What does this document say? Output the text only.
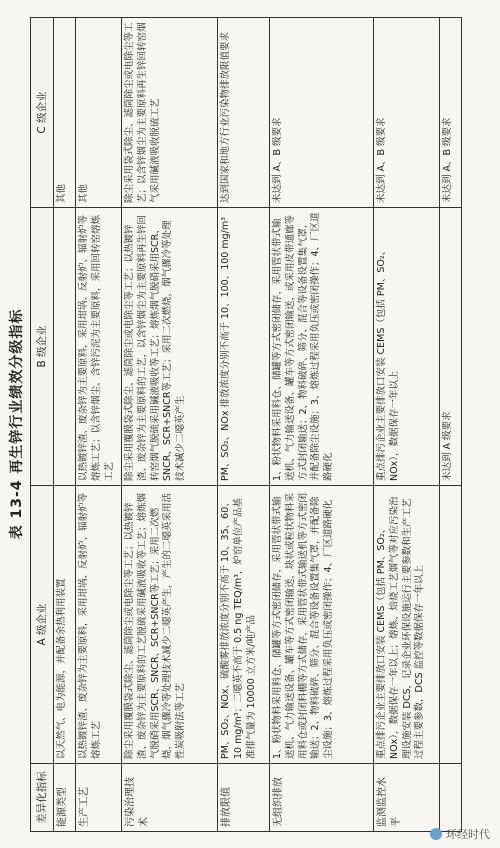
表 13-4 再生锌行业绩效分级指标
差异化指标	A 级企业	B 级企业	C 级企业
能源类型	以天然气、电为能源，并配备余热利用装置		其他
生产工艺	以热镀锌渣、废杂锌为主要原料，采用坩埚、反射炉、辐射炉等熔炼工艺	以热镀锌渣、废杂锌为主要原料，采用坩埚、反射炉、辐射炉等熔炼工艺；以含锌烟尘、含锌污泥为主要原料，采用回转窑熔炼工艺	其他
污染治理技术	除尘采用覆膜袋式除尘、滤筒除尘或电除尘等工艺；以热镀锌渣、废杂锌为主要原料的工艺脱硫采用碱液吸收等工艺；熔炼烟气脱硝采用SCR、SNCR、SCR+SNCR等工艺；采用二次燃烧，烟气骤冷等处理技术减少二噁英产生，产生的二噁英采用活性炭吸附法等工艺	除尘采用覆膜袋式除尘、滤筒除尘或电除尘等工艺；以热镀锌渣、废杂锌为主要原料的工艺，以含锌烟尘为主要原料再生锌回转窑烟气脱硫采用碱液吸收等工艺；熔炼烟气脱硝采用SCR、SNCR、SCR+SNCR等工艺；采用二次燃烧，烟气骤冷等处理技术减少二噁英产生	除尘采用袋式除尘、滤筒除尘或电除尘等工艺；以含锌烟尘为主要原料再生锌回转窑烟气采用碱液吸收脱硫工艺
排放限值	PM、SO₂、NOx、硫酸雾排放浓度分别不高于 10、35、60、10 mg/m³；二噁英不高于 0.5 ng TEQ/m³，炉窑单位产品基准排气量为 10000 立方米/吨产品	PM、SO₂、NOx 排放浓度分别不高于 10、100、100 mg/m³	达到国家和地方行业污染物排放限值要求
无组织排放	1、粉状物料采用料仓、储罐等方式密闭储存，采用管状带式输送机、气力输送设备、罐车等方式密闭输送，块状或粒状物料采用料仓或封闭料棚等方式储存，采用管状带式输送机等方式密闭输送；2、物料破碎、筛分、混合等设备设置集气罩，并配备除尘设施；3、熔炼过程采用负压或密闭操作；4、厂区道路硬化	1、粉状物料采用料仓、储罐等方式密闭储存，采用管状带式输送机、气力输送设备、罐车等方式密闭输送，或采用皮带通廊等方式封闭输送；2、物料破碎、筛分、混合等设备设置集气罩，并配备除尘设施；3、熔炼过程采用负压或密闭操作；4、厂区道路硬化	未达到 A、B 级要求
监测监控水平	重点排污企业主要排放口安装 CEMS（包括 PM、SO₂、NOx），数据保存一年以上；熔炼、焙烧工艺烟气等对应污染治理设施安装 DCS，记录企业环保设施运行主要参数和生产工艺过程主要参数，DCS 监控等数据保存一年以上	重点排污企业主要排放口安装 CEMS（包括 PM、SO₂、NOx），数据保存一年以上	未达到 A、B 级要求
		未达到 A 级要求	未达到 A、B 级要求
环经时代
